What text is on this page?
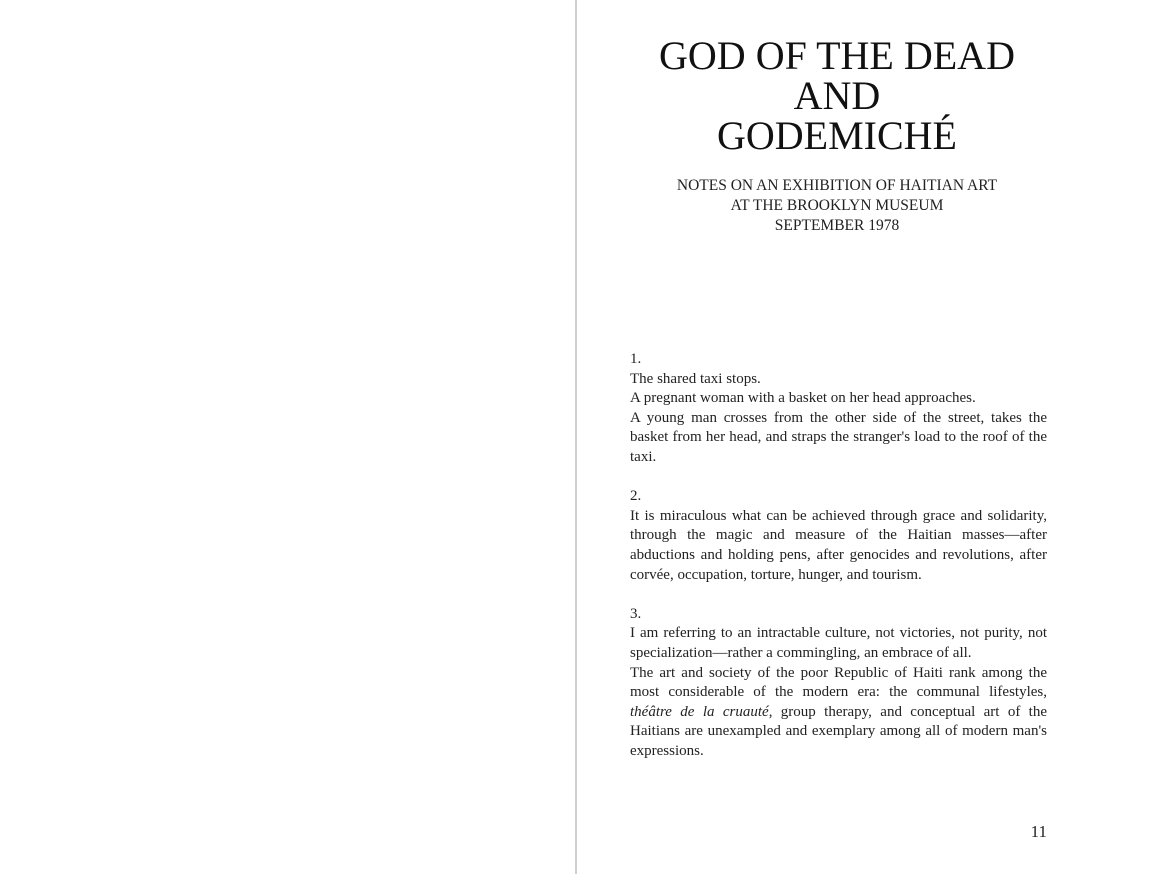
GOD OF THE DEAD
AND
GODEMICHÉ
NOTES ON AN EXHIBITION OF HAITIAN ART
AT THE BROOKLYN MUSEUM
SEPTEMBER 1978
1.
The shared taxi stops.
A pregnant woman with a basket on her head approaches.
A young man crosses from the other side of the street, takes the basket from her head, and straps the stranger's load to the roof of the taxi.
2.
It is miraculous what can be achieved through grace and solidarity, through the magic and measure of the Haitian masses—after abductions and holding pens, after genocides and revolutions, after corvée, occupation, torture, hunger, and tourism.
3.
I am referring to an intractable culture, not victories, not purity, not specialization—rather a commingling, an embrace of all.
The art and society of the poor Republic of Haiti rank among the most considerable of the modern era: the communal lifestyles, théâtre de la cruauté, group therapy, and conceptual art of the Haitians are unexampled and exemplary among all of modern man's expressions.
11
